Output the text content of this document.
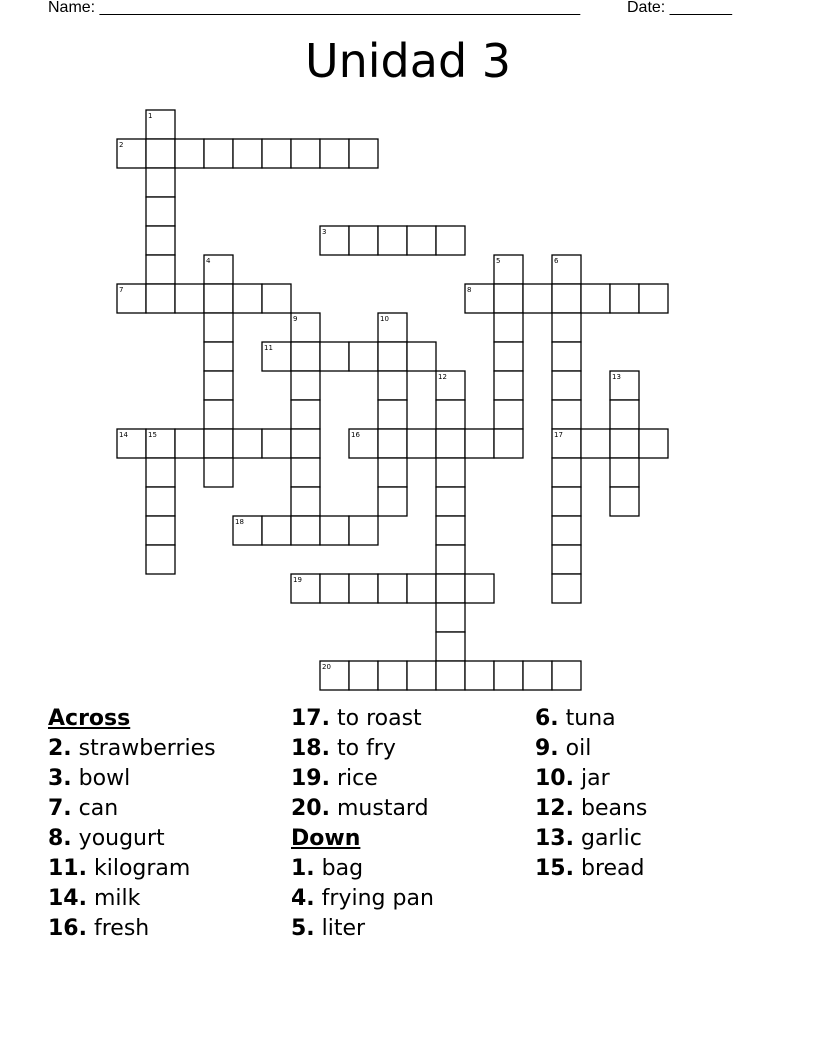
Name: ______________________________________________________	Date: _______
Unidad 3
1
2
3
4	5	6
7	8
9	10
11
12	13
14	15	16	17
18
19
20
Across
2. strawberries
3. bowl
7. can
8. yougurt
11. kilogram
14. milk
16. fresh
17. to roast
18. to fry
19. rice
20. mustard
Down
1. bag
4. frying pan
5. liter
6. tuna
9. oil
10. jar
12. beans
13. garlic
15. bread
